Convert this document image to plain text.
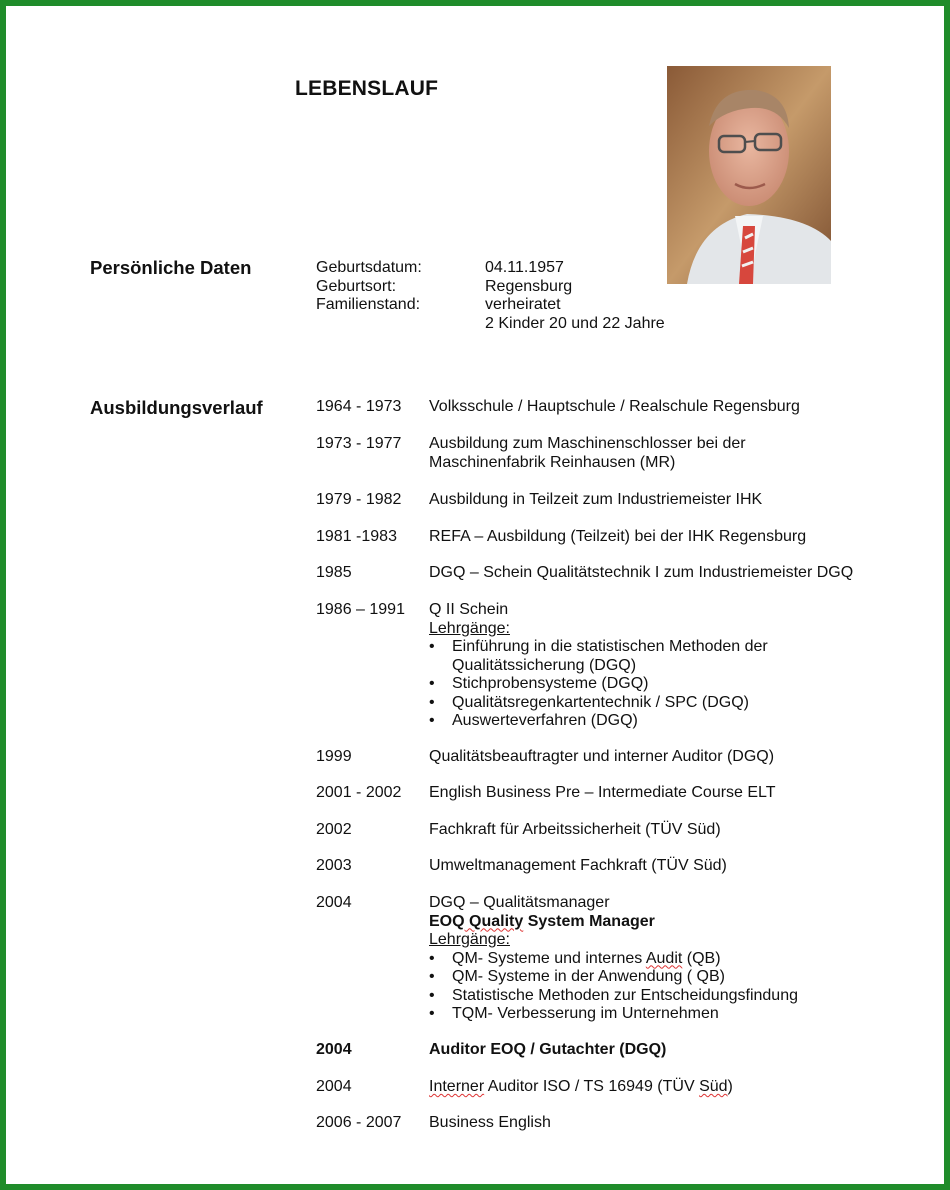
LEBENSLAUF
Persönliche Daten	Geburtsdatum:	04.11.1957
Geburtsort:	Regensburg
Familienstand:	verheiratet
2 Kinder 20 und 22 Jahre
Ausbildungsverlauf	1964 - 1973 Volksschule / Hauptschule / Realschule Regensburg
1973 - 1977 Ausbildung zum Maschinenschlosser bei der
Maschinenfabrik Reinhausen (MR)
1979 - 1982 Ausbildung in Teilzeit zum Industriemeister IHK
1981 -1983 REFA – Ausbildung (Teilzeit) bei der IHK Regensburg
1985	DGQ – Schein Qualitätstechnik I zum Industriemeister DGQ
1986 – 1991 Q II Schein
Lehrgänge:
• Einführung in die statistischen Methoden der
Qualitätssicherung (DGQ)
• Stichprobensysteme (DGQ)
• Qualitätsregenkartentechnik / SPC (DGQ)
• Auswerteverfahren (DGQ)
1999	Qualitätsbeauftragter und interner Auditor (DGQ)
2001 - 2002 English Business Pre – Intermediate Course ELT
2002	Fachkraft für Arbeitssicherheit (TÜV Süd)
2003	Umweltmanagement Fachkraft (TÜV Süd)
2004	DGQ – Qualitätsmanager
EOQ Quality System Manager
Lehrgänge:
• QM- Systeme und internes Audit (QB)
• QM- Systeme in der Anwendung ( QB)
• Statistische Methoden zur Entscheidungsfindung
• TQM- Verbesserung im Unternehmen
2004	Auditor EOQ / Gutachter (DGQ)
2004	Interner Auditor ISO / TS 16949 (TÜV Süd)
2006 - 2007 Business English
